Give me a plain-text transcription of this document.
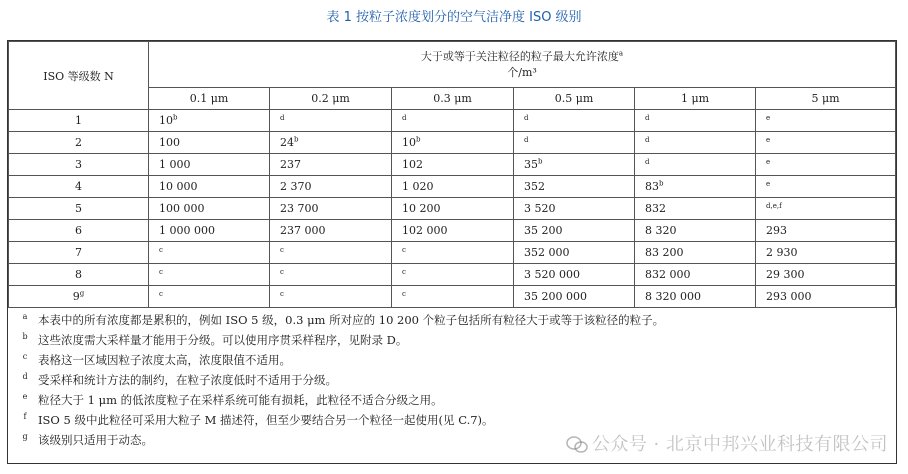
表 1 按粒子浓度划分的空气洁净度 ISO 级别
ISO 等级数 N	大于或等于关注粒径的粒子最大允许浓度$^a$
个/m³					

	0.1 μm	0.2 μm	0.3 μm	0.5 μm	1 μm	5 μm
1	10$^b$	$^d$	$^d$	$^d$	$^d$	$^e$
2	100	24$^b$	10$^b$	$^d$	$^d$	$^e$
3	1 000	237	102	35$^b$	$^d$	$^e$
4	10 000	2 370	1 020	352	83$^b$	$^e$
5	100 000	23 700	10 200	3 520	832	$^{d,e,f}$
6	1 000 000	237 000	102 000	35 200	8 320	293
7	$^c$	$^c$	$^c$	352 000	83 200	2 930
8	$^c$	$^c$	$^c$	3 520 000	832 000	29 300
9$^g$	$^c$	$^c$	$^c$	35 200 000	8 320 000	293 000
a 本表中的所有浓度都是累积的，例如 ISO 5 级，0.3 μm 所对应的 10 200 个粒子包括所有粒径大于或等于该粒径的粒子。
b 这些浓度需大采样量才能用于分级。可以使用序贯采样程序，见附录 D。
c 表格这一区域因粒子浓度太高，浓度限值不适用。
d 受采样和统计方法的制约，在粒子浓度低时不适用于分级。
e 粒径大于 1 μm 的低浓度粒子在采样系统可能有损耗，此粒径不适合分级之用。
f	ISO 5 级中此粒径可采用大粒子 M 描述符，但至少要结合另一个粒径一起使用(见 C.7)。
g 该级别只适用于动态。	公众号 · 北京中邦兴业科技有限公司
